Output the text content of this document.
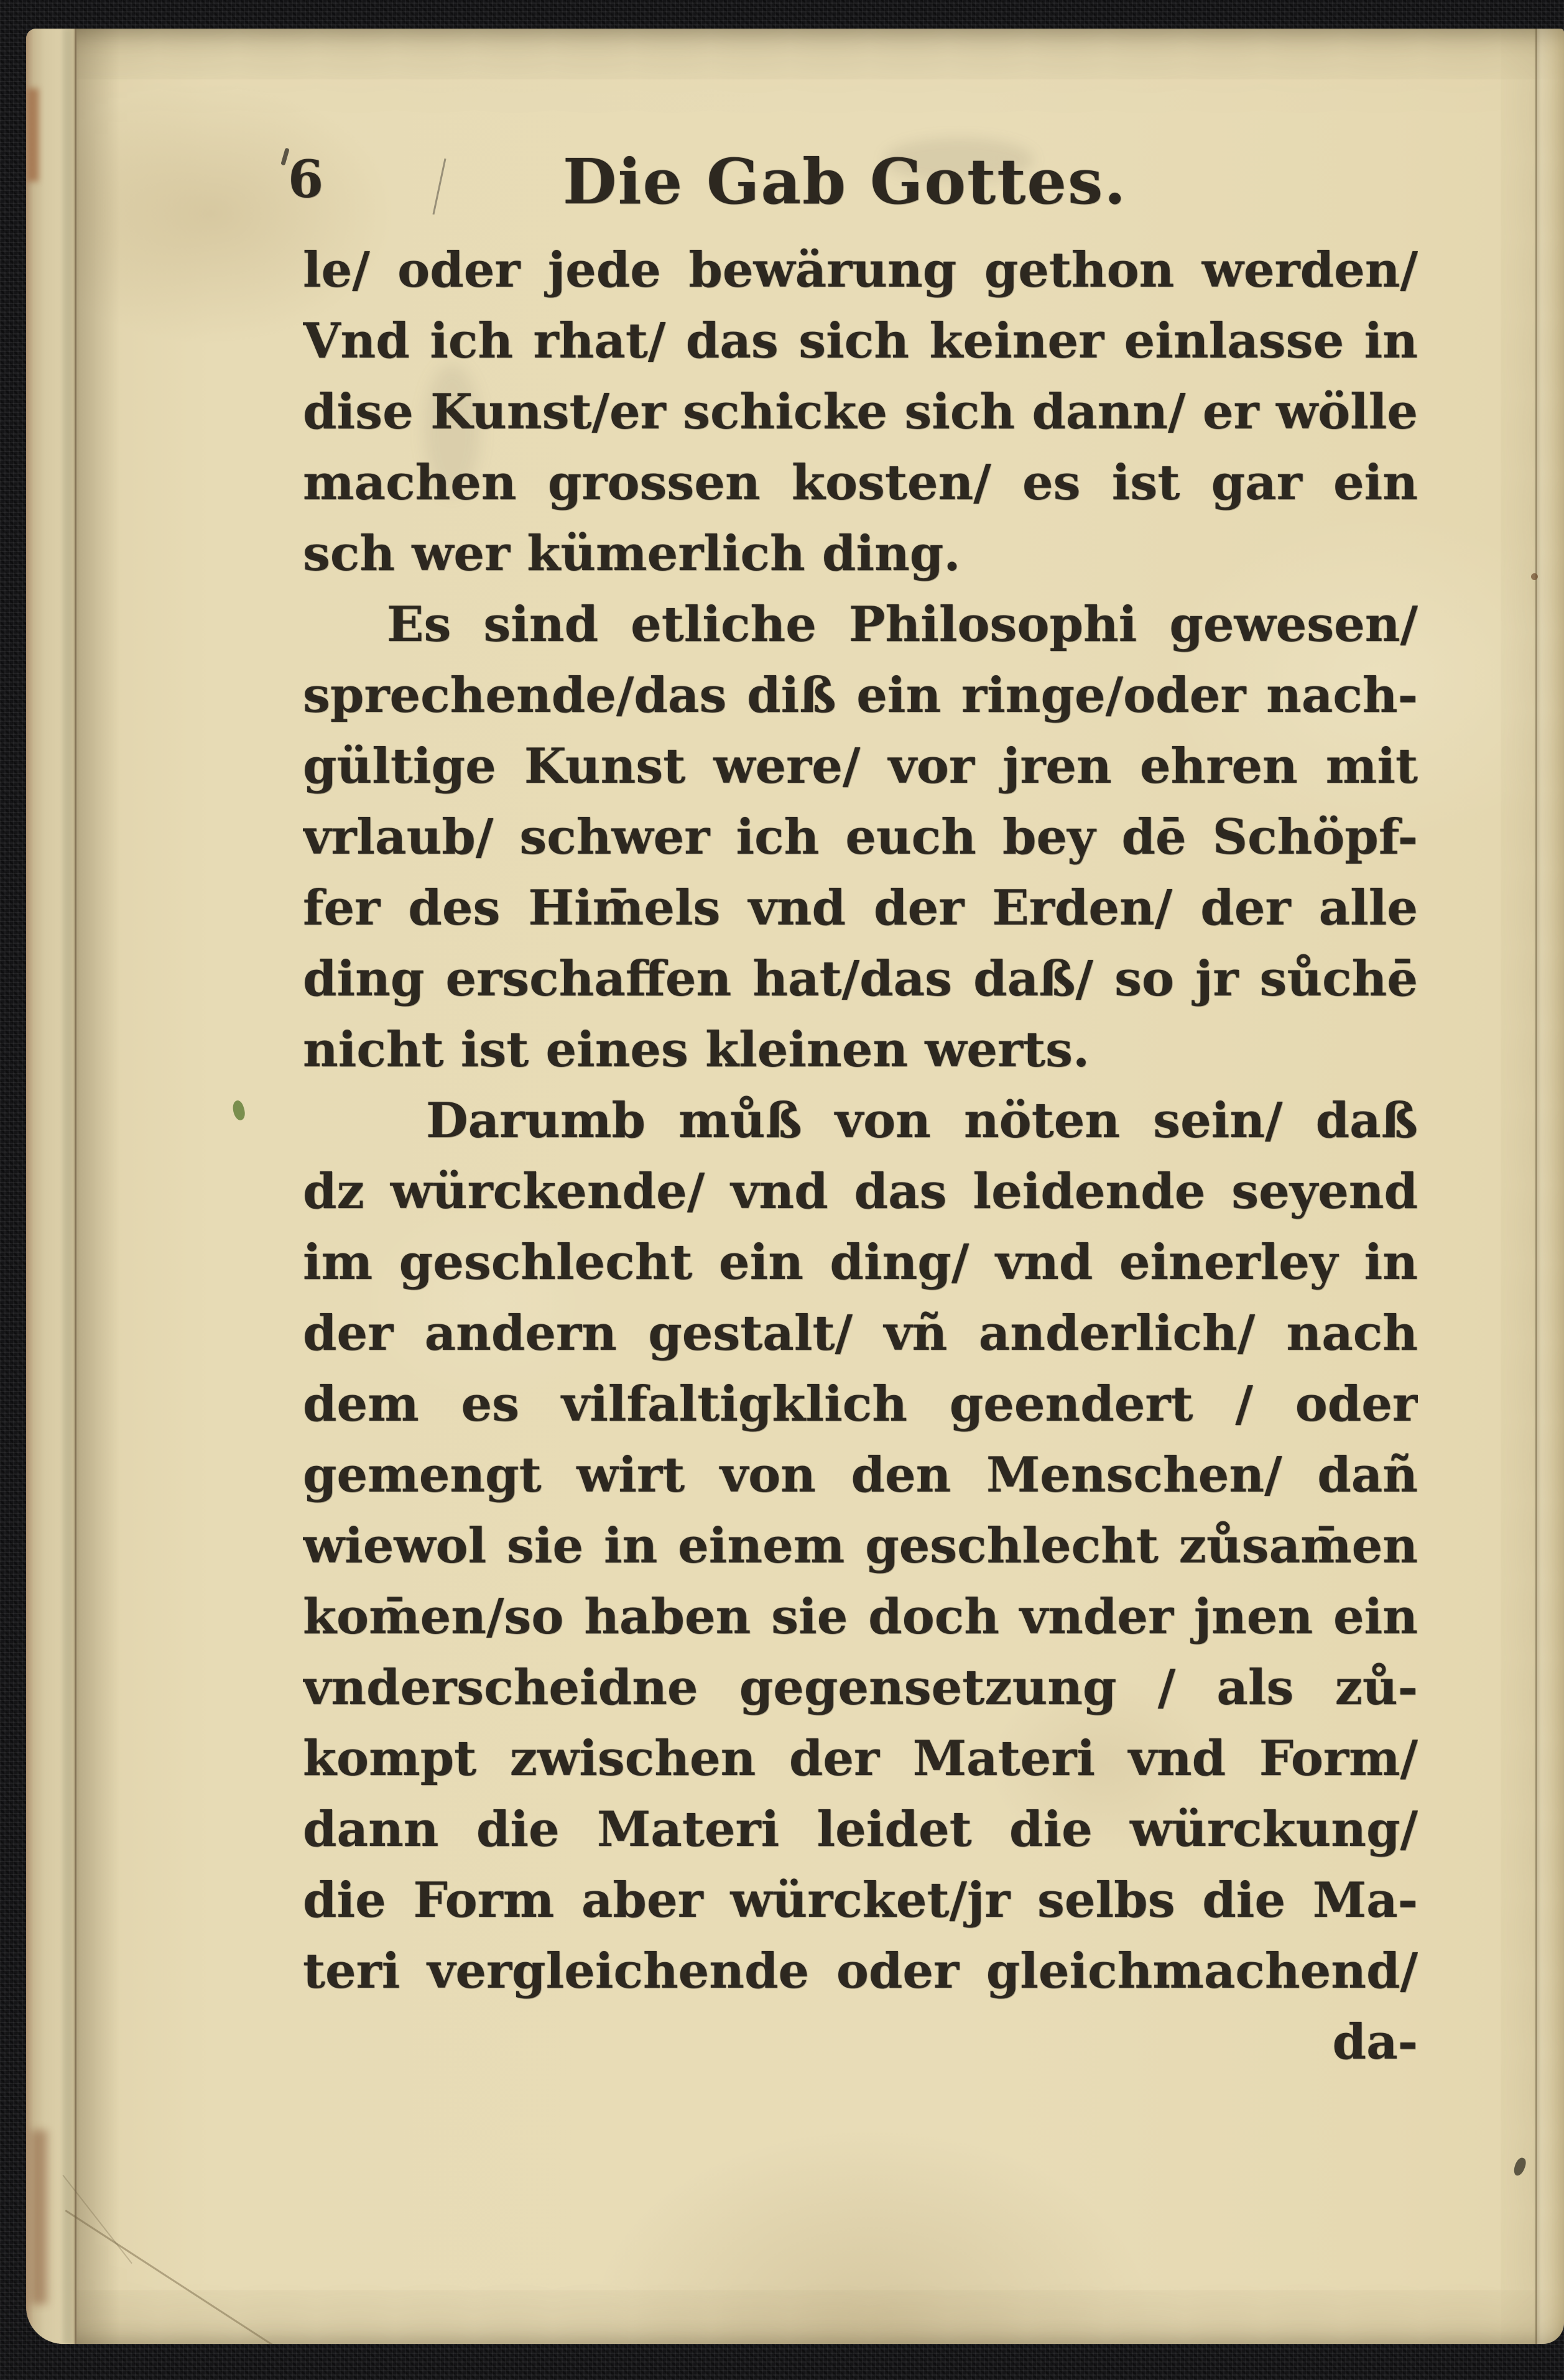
6	Die Gab Gottes.
le/ oder jede bewärung gethon werden/
Vnd ich rhat/ das sich keiner einlasse in
dise Kunst/er schicke sich dann/ er wölle
machen grossen kosten/ es ist gar ein
sch wer kümerlich ding.
Es sind etliche Philosophi gewesen/
sprechende/das diß ein ringe/oder nach-
gültige Kunst were/ vor jren ehren mit
vrlaub/ schwer ich euch bey dē Schöpf-
fer des Him̄els vnd der Erden/ der alle
ding erschaffen hat/das daß/ so jr sůchē
nicht ist eines kleinen werts.
Darumb můß von nöten sein/ daß
dz würckende/ vnd das leidende seyend
im geschlecht ein ding/ vnd einerley in
der andern gestalt/ vñ anderlich/ nach
dem es vilfaltigklich geendert / oder
gemengt wirt von den Menschen/ dañ
wiewol sie in einem geschlecht zůsam̄en
kom̄en/so haben sie doch vnder jnen ein
vnderscheidne gegensetzung / als zů-
kompt zwischen der Materi vnd Form/
dann die Materi leidet die würckung/
die Form aber würcket/jr selbs die Ma-
teri vergleichende oder gleichmachend/
da-
